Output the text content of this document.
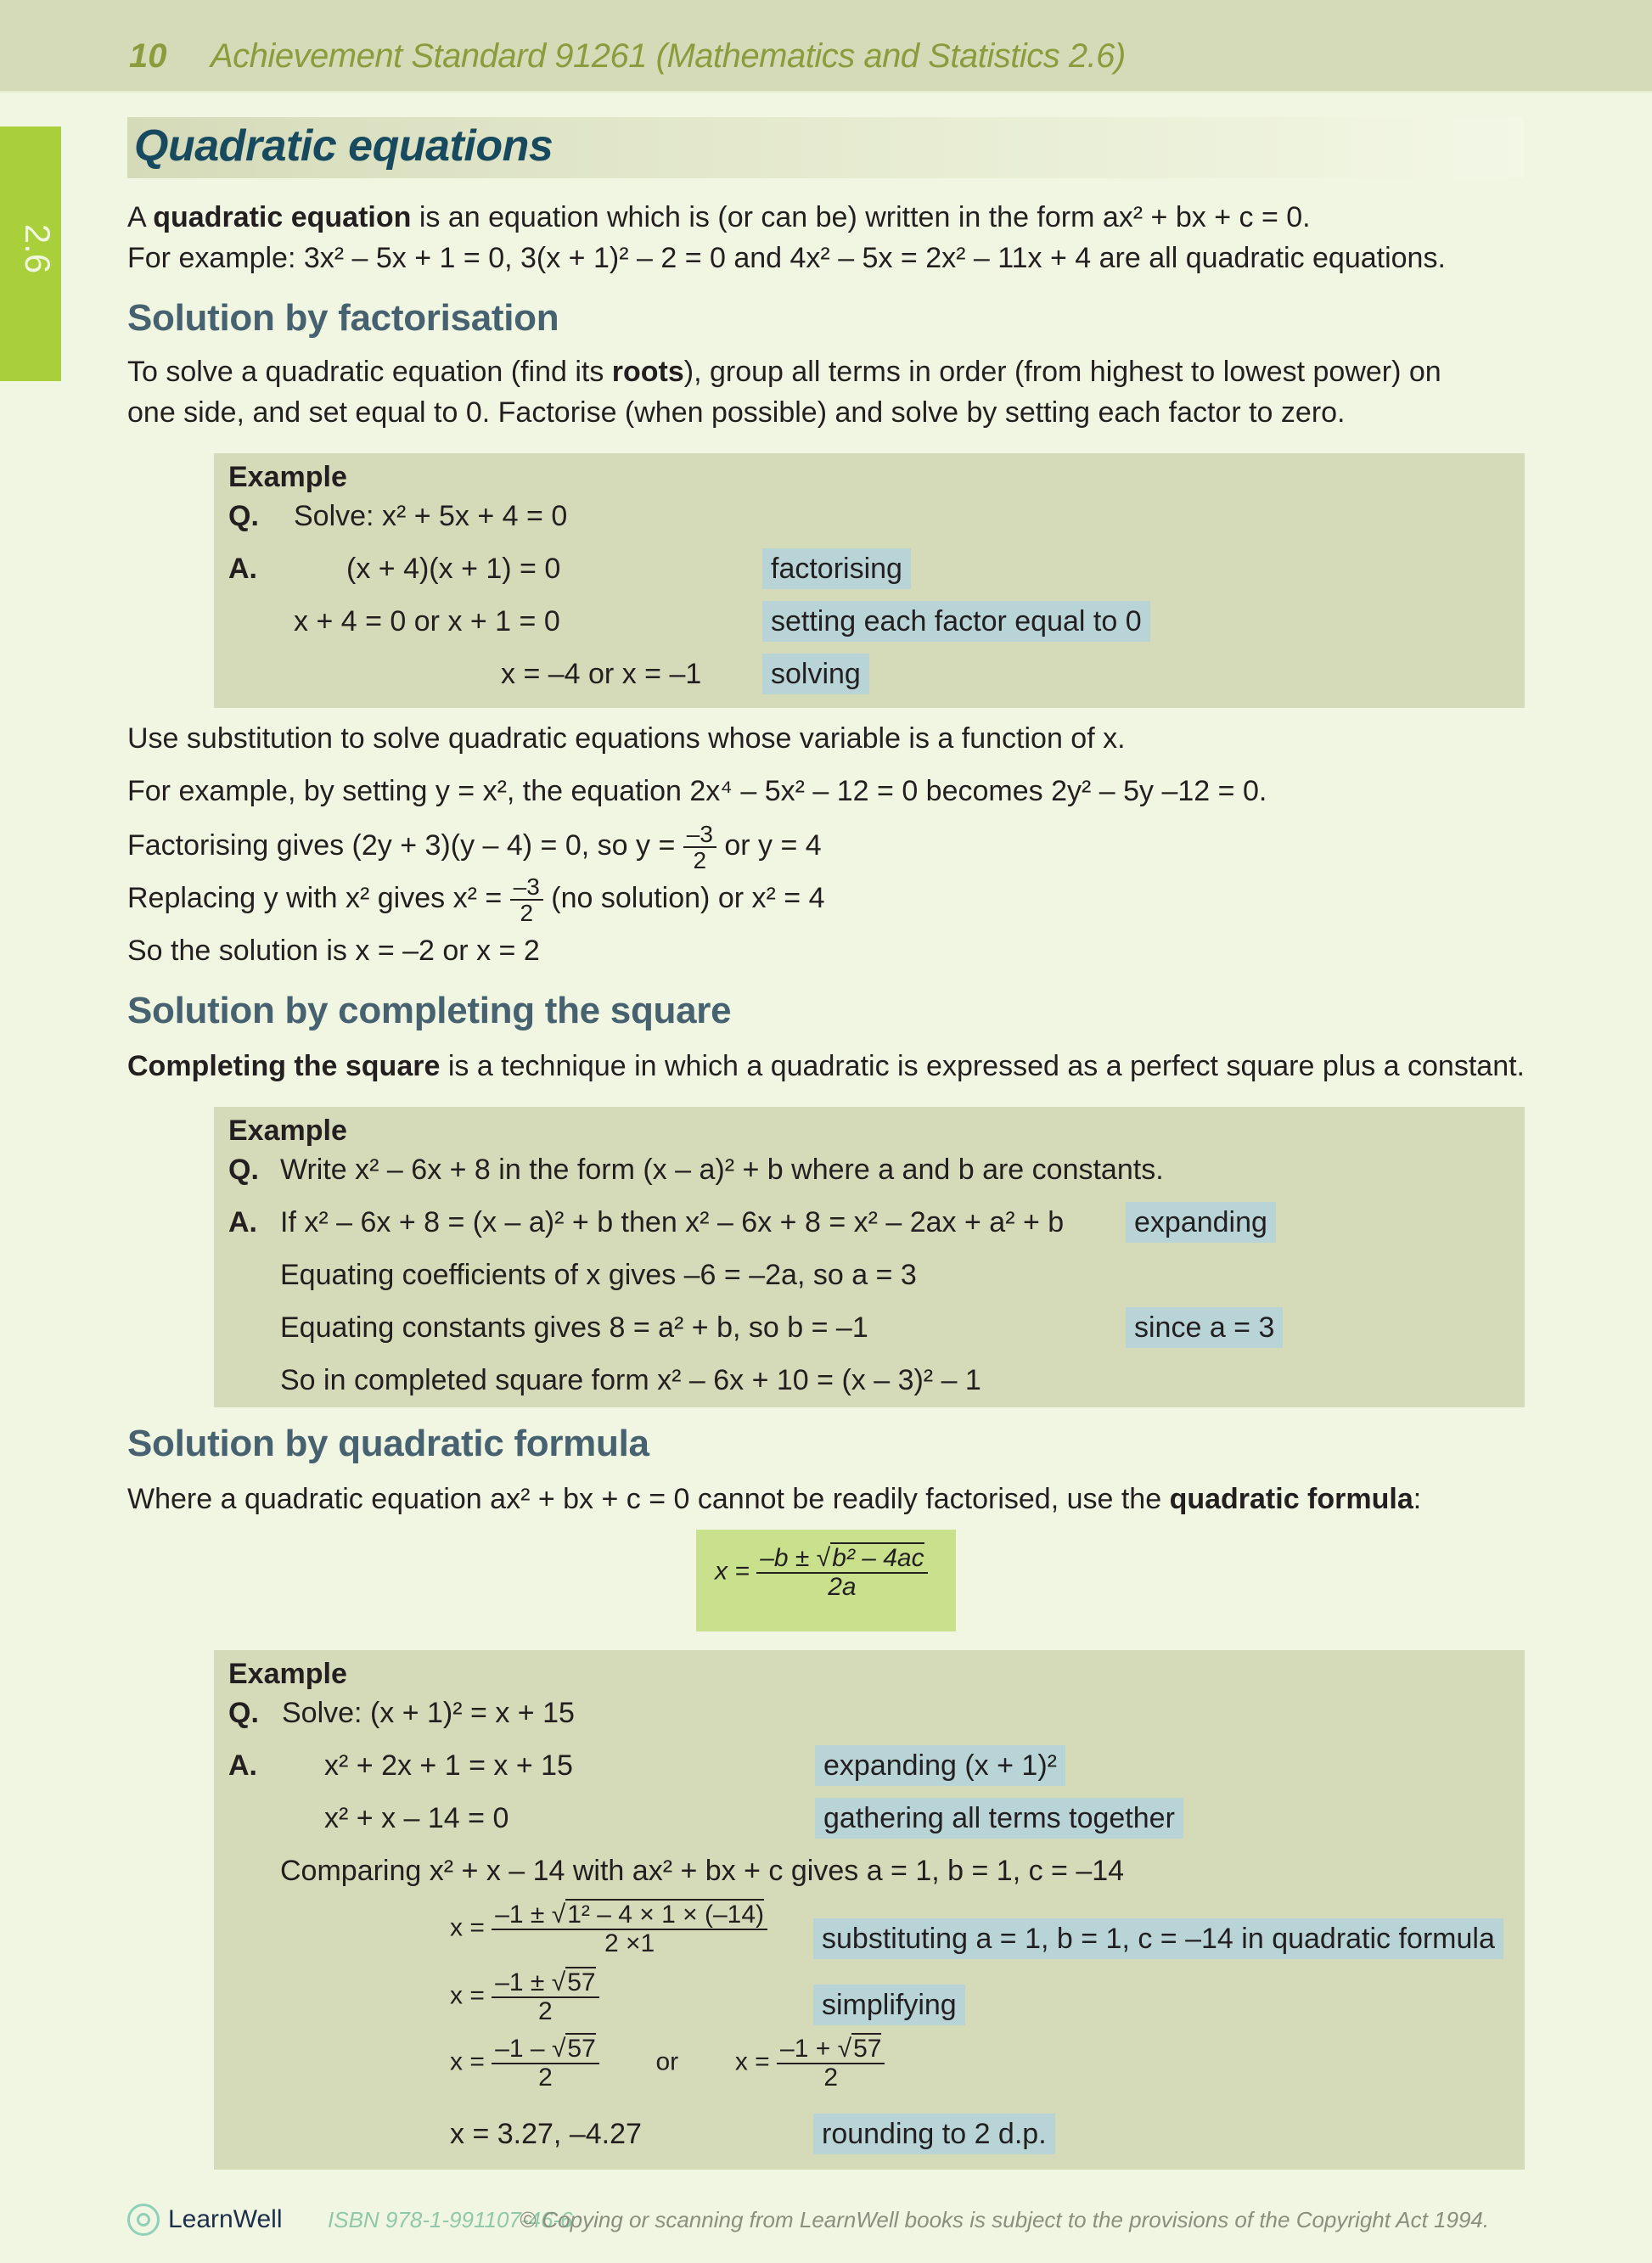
10 Achievement Standard 91261 (Mathematics and Statistics 2.6)
2.6
Quadratic equations
A quadratic equation is an equation which is (or can be) written in the form ax² + bx + c = 0.
For example: 3x² – 5x + 1 = 0, 3(x + 1)² – 2 = 0 and 4x² – 5x = 2x² – 11x + 4 are all quadratic equations.
Solution by factorisation
To solve a quadratic equation (find its roots), group all terms in order (from highest to lowest power) on
one side, and set equal to 0. Factorise (when possible) and solve by setting each factor to zero.
Example
Q. Solve: x² + 5x + 4 = 0
A.	(x + 4)(x + 1) = 0	factorising
x + 4 = 0 or x + 1 = 0	setting each factor equal to 0
x = –4 or x = –1 solving
Use substitution to solve quadratic equations whose variable is a function of x.
For example, by setting y = x², the equation 2x⁴ – 5x² – 12 = 0 becomes 2y² – 5y –12 = 0.
Factorising gives (2y + 3)(y – 4) = 0, so $y = \frac{-3}{2}$ or y = 4
Replacing y with x² gives $x^2 = \frac{-3}{2} (no$ solution) or x² = 4
So the solution is x = –2 or x = 2
Solution by completing the square
Completing the square is a technique in which a quadratic is expressed as a perfect square plus a constant.
Example
Q. Write x² – 6x + 8 in the form (x – a)² + b where a and b are constants.
A. If x² – 6x + 8 = (x – a)² + b then x² – 6x + 8 = x² – 2ax + a² + b expanding
Equating coefficients of x gives –6 = –2a, so a = 3
Equating constants gives 8 = a² + b, so b = –1	since a = 3
So in completed square form x² – 6x + 10 = (x – 3)² – 1
Solution by quadratic formula
Where a quadratic equation ax² + bx + c = 0 cannot be readily factorised, use the quadratic formula:
$x = \frac{\text{–b ± √b² – 4ac}}{2a}$
Example
Q. Solve: (x + 1)² = x + 15
A. x² + 2x + 1 = x + 15	expanding (x + 1)²
x² + x – 14 = 0	gathering all terms together
Comparing x² + x – 14 with ax² + bx + c gives a = 1, b = 1, c = –14
$x = \frac{\text{–1 ± √1² – 4 × 1 × (–14)}}{2 \times 1}$ substituting a = 1, b = 1, c = –14 in quadratic formula
$x = \frac{-1 \pm √57}{2}$	simplifying
$x = \frac{-1 - √57}{2}$ or $x = \frac{-1 + √57}{2}$
x = 3.27, –4.27	rounding to 2 d.p.
LearnWell ISBN 978-1-991107-46-6
© Copying or scanning from LearnWell books is subject to the provisions of the Copyright Act 1994.
